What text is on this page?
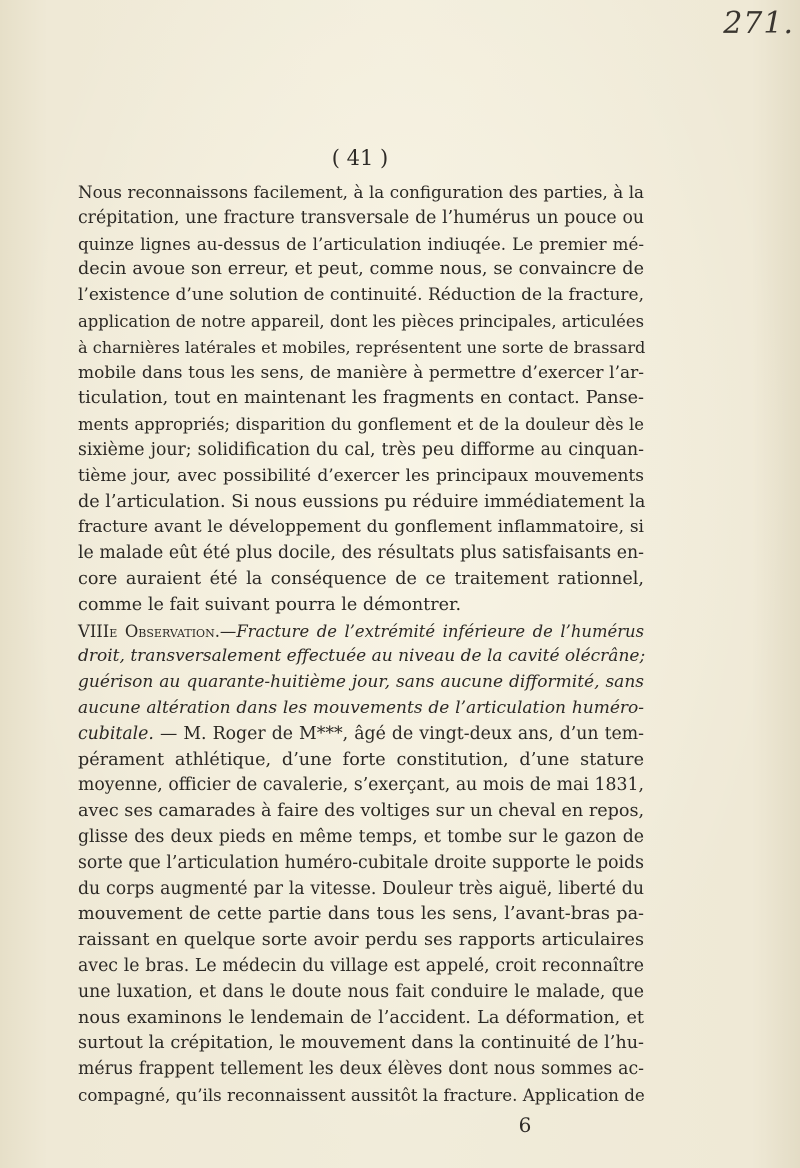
271.
( 41 )
Nous reconnaissons facilement, à la configuration des parties, à la
crépitation, une fracture transversale de l’humérus un pouce ou
quinze lignes au-dessus de l’articulation indiuqée. Le premier mé-
decin avoue son erreur, et peut, comme nous, se convaincre de
l’existence d’une solution de continuité. Réduction de la fracture,
application de notre appareil, dont les pièces principales, articulées
à charnières latérales et mobiles, représentent une sorte de brassard
mobile dans tous les sens, de manière à permettre d’exercer l’ar-
ticulation, tout en maintenant les fragments en contact. Panse-
ments appropriés; disparition du gonflement et de la douleur dès le
sixième jour; solidification du cal, très peu difforme au cinquan-
tième jour, avec possibilité d’exercer les principaux mouvements
de l’articulation. Si nous eussions pu réduire immédiatement la
fracture avant le développement du gonflement inflammatoire, si
le malade eût été plus docile, des résultats plus satisfaisants en-
core auraient été la conséquence de ce traitement rationnel,
comme le fait suivant pourra le démontrer.
VIIIe Observation.—Fracture de l’extrémité inférieure de l’humérus
droit, transversalement effectuée au niveau de la cavité olécrâne;
guérison au quarante-huitième jour, sans aucune difformité, sans
aucune altération dans les mouvements de l’articulation huméro-
cubitale. — M. Roger de M***, âgé de vingt-deux ans, d’un tem-
pérament athlétique, d’une forte constitution, d’une stature
moyenne, officier de cavalerie, s’exerçant, au mois de mai 1831,
avec ses camarades à faire des voltiges sur un cheval en repos,
glisse des deux pieds en même temps, et tombe sur le gazon de
sorte que l’articulation huméro-cubitale droite supporte le poids
du corps augmenté par la vitesse. Douleur très aiguë, liberté du
mouvement de cette partie dans tous les sens, l’avant-bras pa-
raissant en quelque sorte avoir perdu ses rapports articulaires
avec le bras. Le médecin du village est appelé, croit reconnaître
une luxation, et dans le doute nous fait conduire le malade, que
nous examinons le lendemain de l’accident. La déformation, et
surtout la crépitation, le mouvement dans la continuité de l’hu-
mérus frappent tellement les deux élèves dont nous sommes ac-
compagné, qu’ils reconnaissent aussitôt la fracture. Application de
6
